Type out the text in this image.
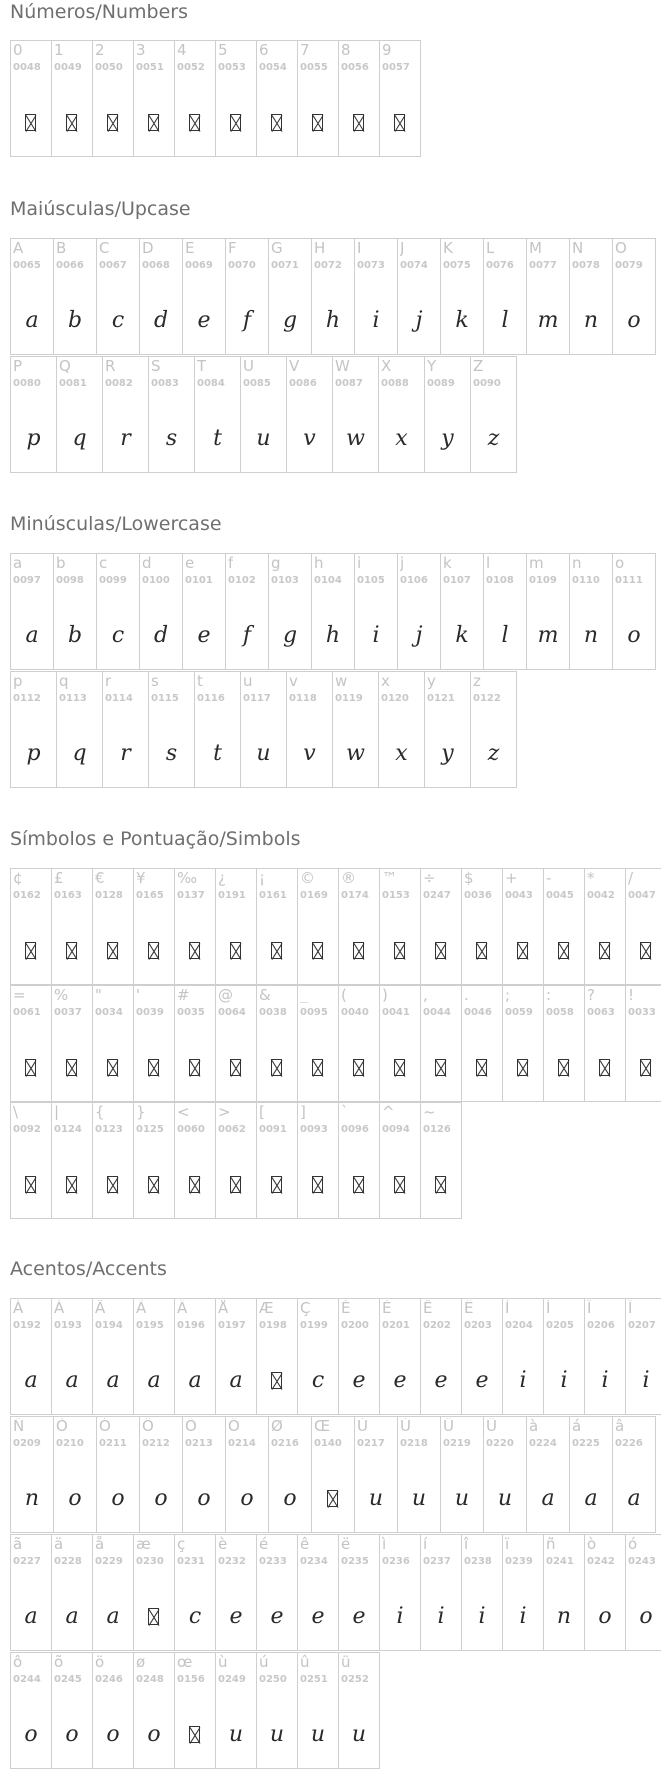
Números/Numbers
0
0048
1
0049
2
0050
3
0051
4
0052
5
0053
6
0054
7
0055
8
0056
9
0057
Maiúsculas/Upcase
A
0065
a
B
0066
b
C
0067
c
D
0068
d
E
0069
e
F
0070
f
G
0071
g
H
0072
h
I
0073
i
J
0074
j
K
0075
k
L
0076
l
M
0077
m
N
0078
n
O
0079
o
P
0080
p
Q
0081
q
R
0082
r
S
0083
s
T
0084
t
U
0085
u
V
0086
v
W
0087
w
X
0088
x
Y
0089
y
Z
0090
z
Minúsculas/Lowercase
a
0097
a
b
0098
b
c
0099
c
d
0100
d
e
0101
e
f
0102
f
g
0103
g
h
0104
h
i
0105
i
j
0106
j
k
0107
k
l
0108
l
m
0109
m
n
0110
n
o
0111
o
p
0112
p
q
0113
q
r
0114
r
s
0115
s
t
0116
t
u
0117
u
v
0118
v
w
0119
w
x
0120
x
y
0121
y
z
0122
z
Símbolos e Pontuação/Simbols
¢
0162
£
0163
€
0128
¥
0165
‰
0137
¿
0191
¡
0161
©
0169
®
0174
™
0153
÷
0247
$
0036
+
0043
-
0045
*
0042
/
0047
=
0061
%
0037
"
0034
'
0039
#
0035
@
0064
&
0038
_
0095
(
0040
)
0041
,
0044
.
0046
;
0059
:
0058
?
0063
!
0033
\
0092
|
0124
{
0123
}
0125
<
0060
>
0062
[
0091
]
0093
`
0096
^
0094
~
0126
Acentos/Accents
À
0192
a
Á
0193
a
Â
0194
a
Ã
0195
a
Ä
0196
a
Å
0197
a
Æ
0198
Ç
0199
c
È
0200
e
É
0201
e
Ê
0202
e
Ë
0203
e
Ì
0204
i
Í
0205
i
Î
0206
i
Ï
0207
i
Ñ
0209
n
Ò
0210
o
Ó
0211
o
Ô
0212
o
Õ
0213
o
Ö
0214
o
Ø
0216
o
Œ
0140
Ù
0217
u
Ú
0218
u
Û
0219
u
Ü
0220
u
à
0224
a
á
0225
a
â
0226
a
ã
0227
a
ä
0228
a
å
0229
a
æ
0230
ç
0231
c
è
0232
e
é
0233
e
ê
0234
e
ë
0235
e
ì
0236
i
í
0237
i
î
0238
i
ï
0239
i
ñ
0241
n
ò
0242
o
ó
0243
o
ô
0244
o
õ
0245
o
ö
0246
o
ø
0248
o
œ
0156
ù
0249
u
ú
0250
u
û
0251
u
ü
0252
u
